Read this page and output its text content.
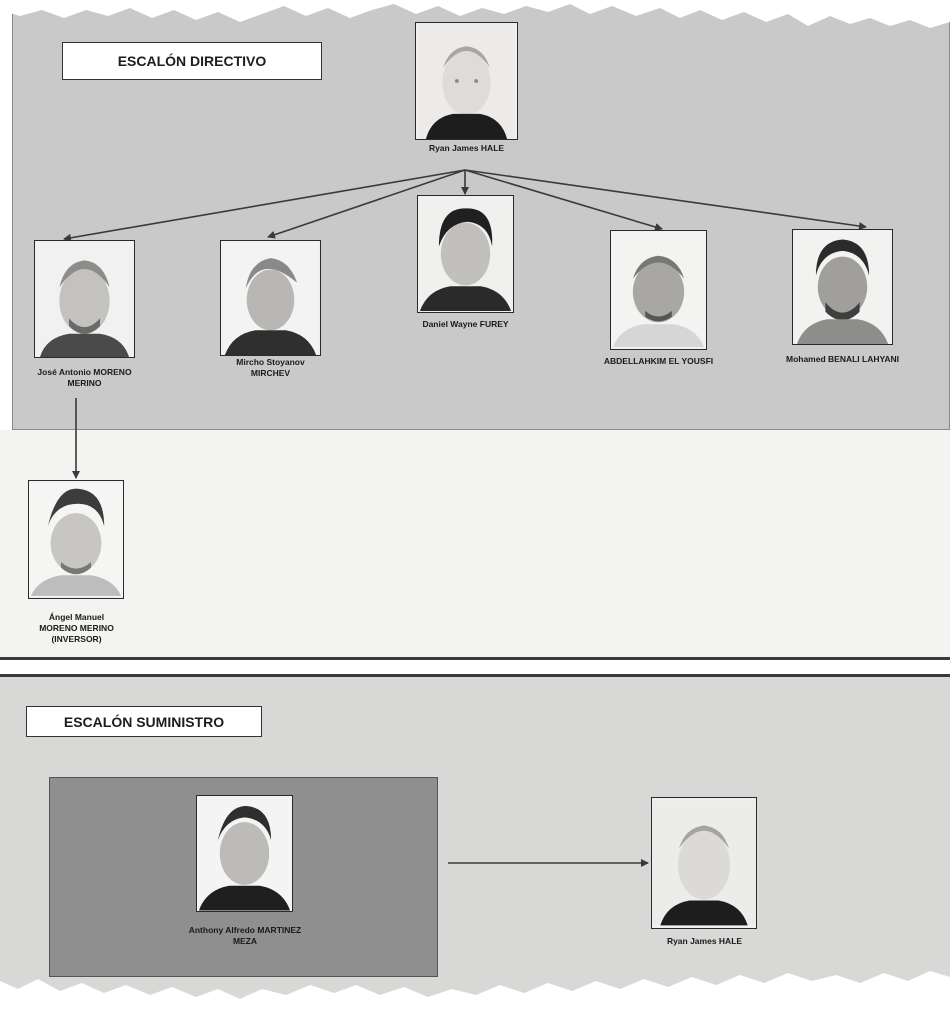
ESCALÓN DIRECTIVO
ESCALÓN SUMINISTRO
Ryan James HALE
José Antonio MORENO
MERINO
Mircho Stoyanov
MIRCHEV
Daniel Wayne FUREY
ABDELLAHKIM EL YOUSFI	Mohamed BENALI LAHYANI
Ángel Manuel
MORENO MERINO
(INVERSOR)
Anthony Alfredo MARTINEZ
MEZA	Ryan James HALE
